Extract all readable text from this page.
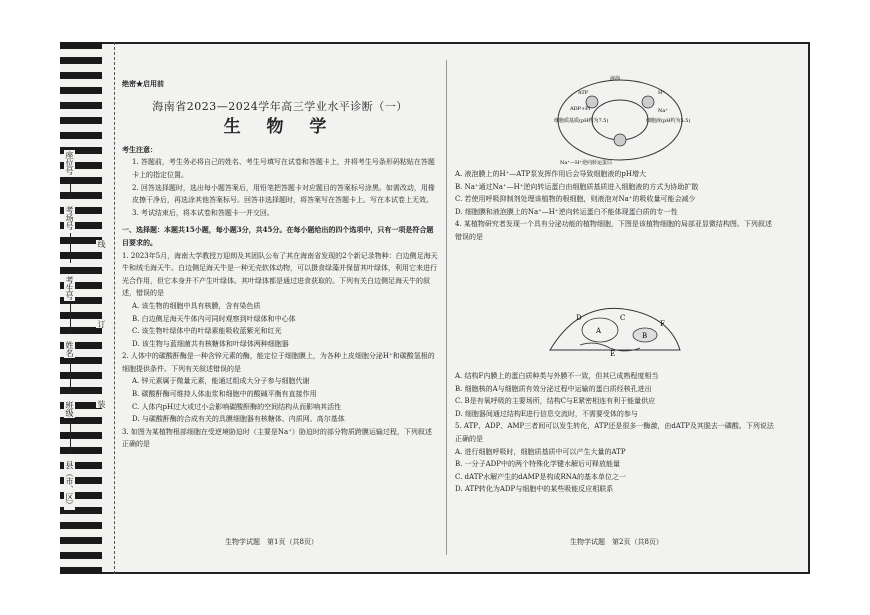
座位号
考场号
考生号
姓名
班级
县（市、区）
线
订
装
绝密★启用前
海南省2023—2024学年高三学业水平诊断（一）
生 物 学
考生注意：
1. 答题前，考生务必将自己的姓名、考生号填写在试卷和答题卡上，并将考生号条形码粘贴在答题卡上的指定位置。
2. 回答选择题时，选出每小题答案后，用铅笔把答题卡对应题目的答案标号涂黑。如需改动，用橡皮擦干净后，再选涂其他答案标号。回答非选择题时，将答案写在答题卡上。写在本试卷上无效。
3. 考试结束后，将本试卷和答题卡一并交回。
一、选择题：本题共15小题，每小题3分，共45分。在每小题给出的四个选项中，只有一项是符合题目要求的。

1. 2023年5月，海南大学教授万迎朗及其团队公布了其在海南省发现的2个新记录物种：白边侧足海天牛和绒毛海天牛。白边侧足海天牛是一种无壳软体动物，可以摄食绿藻并保留其叶绿体，利用它来进行光合作用，但它本身并不产生叶绿体。其叶绿体都是通过进食获取的。下列有关白边侧足海天牛的叙述，错误的是

A. 该生物的细胞中具有核膜，含有染色质
B. 白边侧足海天牛体内可同时观察到叶绿体和中心体
C. 该生物叶绿体中的叶绿素能吸收蓝紫光和红光
D. 该生物与蓝细菌共有核糖体和叶绿体两种细胞器

2. 人体中的碳酸酐酶是一种含锌元素的酶，能定位于细胞膜上，为各种上皮细胞分泌H⁺和碳酸氢根的细胞提供条件。下列有关叙述错误的是

A. 锌元素属于微量元素，能通过组成大分子参与细胞代谢
B. 碳酸酐酶可维持人体血浆和细胞中的酸碱平衡有直接作用
C. 人体内pH过大或过小会影响碳酸酐酶的空间结构从而影响其活性
D. 与碳酸酐酶的合成有关的具膜细胞器有核糖体、内质网、高尔基体

3. 如图为某植物根部细胞在受逆境胁迫时（主要是Na⁺）胁迫时的部分物质跨膜运输过程，下列叙述正确的是

生物学试题　第1页（共8页）
细胞质基质(pH约为7.5)
液泡
细胞液(pH约为5.5)
Na⁺—H⁺逆向转运蛋白
ATP
ADP+Pi
H⁺
Na⁺
A. 液泡膜上的H⁺—ATP泵发挥作用后会导致细胞液的pH增大
B. Na⁺通过Na⁺—H⁺逆向转运蛋白由细胞质基质进入细胞液的方式为协助扩散
C. 若使用呼吸抑制剂处理该植物的根细胞，则液泡对Na⁺的吸收量可能会减少
D. 细胞膜和液泡膜上的Na⁺—H⁺逆向转运蛋白不能体现蛋白质的专一性

4. 某植物研究者发现一个具有分泌功能的植物细胞，下图是该植物细胞的局部亚显微结构图。下列叙述错误的是

A
B
C
D
E
F
A. 结构F内膜上的蛋白质种类与外膜不一致，但其已成熟程度相当
B. 细胞核的A与细胞质有效分泌过程中运输的蛋白质经核孔进出
C. B是有氧呼吸的主要场所，结构C与E紧密相连有利于能量供应
D. 细胞器间通过结构E进行信息交流时，不需要受体的参与

5. ATP、ADP、AMP三者间可以发生转化，ATP还是很多一酶激，由dATP及其脱去一磷酸。下列说法正确的是

A. 进行细胞呼吸时，细胞质基质中可以产生大量的ATP
B. 一分子ADP中的两个特殊化学键水解后可释放能量
C. dATP水解产生的dAMP是构成RNA的基本单位之一
D. ATP转化为ADP与细胞中的某些吸能反应相联系
生物学试题　第2页（共8页）
